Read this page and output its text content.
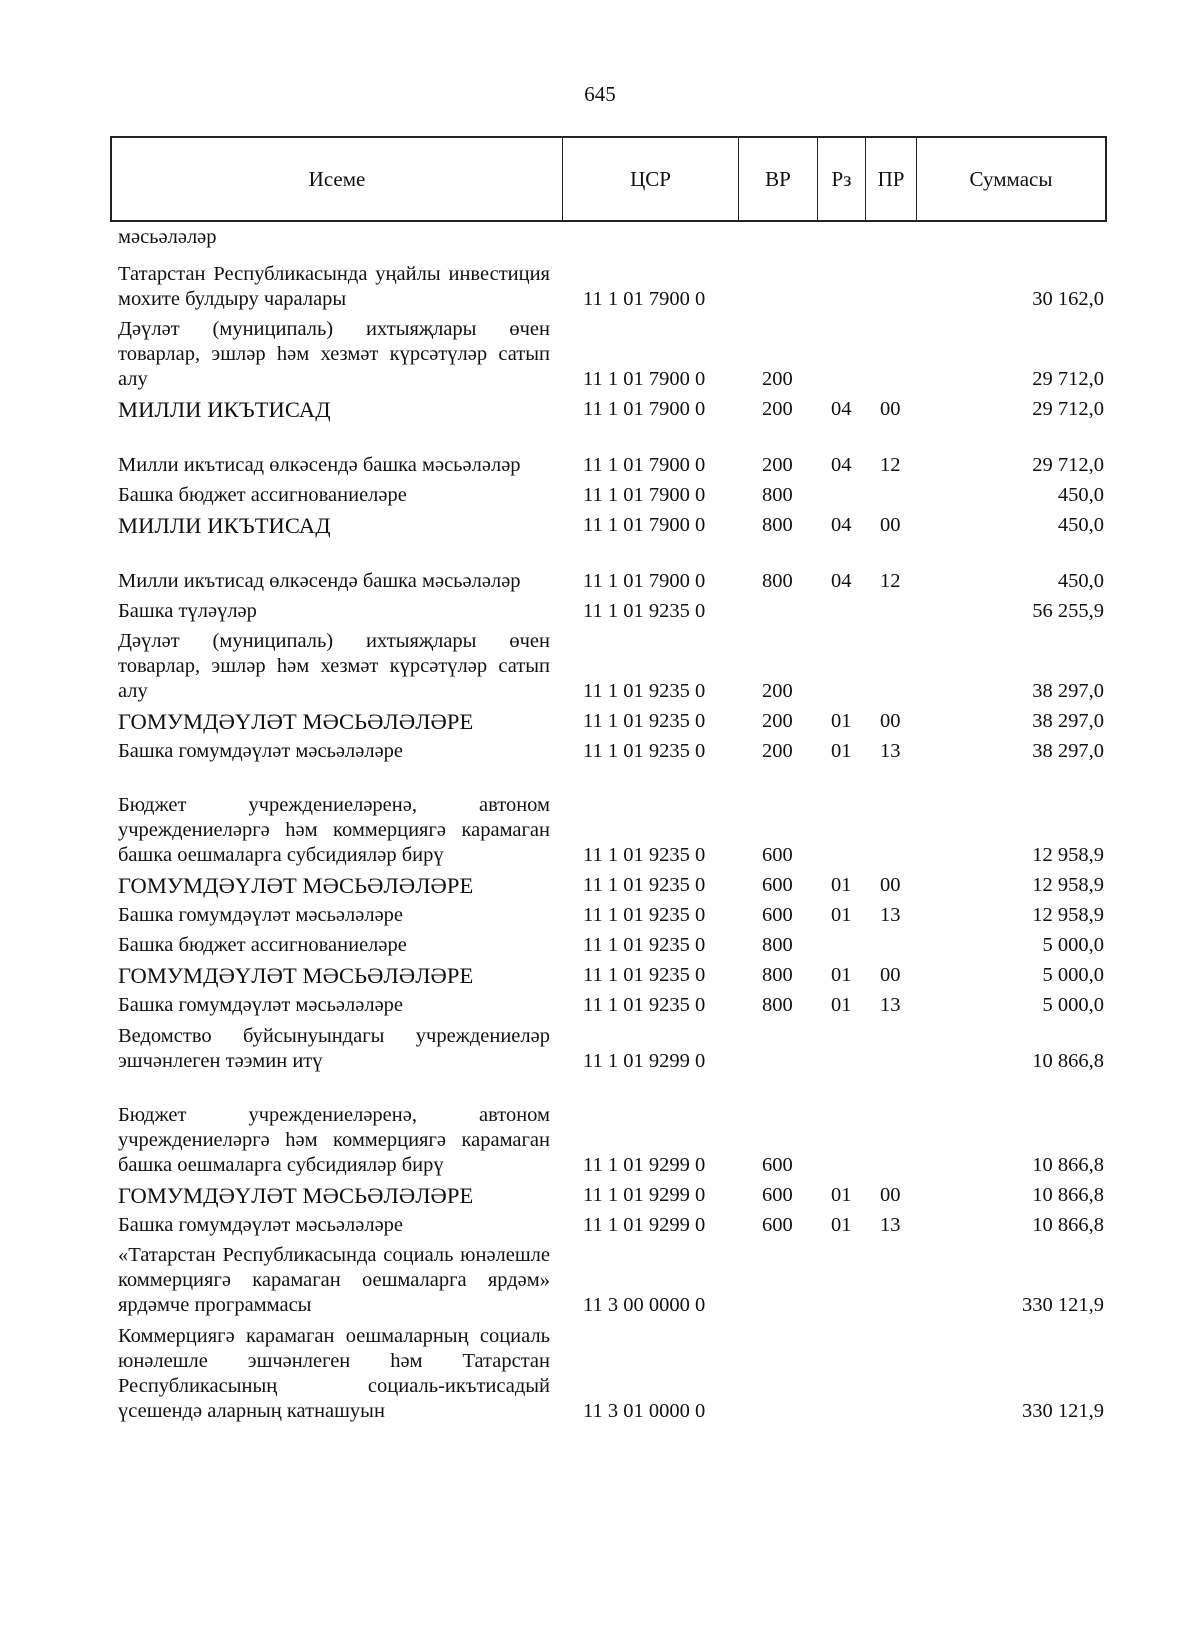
645
Исеме	ЦСР	ВР	Рз	ПР	Суммасы
мәсьәләләр
Татарстан Республикасында уңайлы инвестиция мохите булдыру чаралары	11 1 01 7900 0	30 162,0
Дәүләт (муниципаль) ихтыяҗлары өчен товарлар, эшләр һәм хезмәт күрсәтүләр сатып алу	11 1 01 7900 0	200	29 712,0
МИЛЛИ ИКЪТИСАД	11 1 01 7900 0	200 04 00	29 712,0
Милли икътисад өлкәсендә башка мәсьәләләр	11 1 01 7900 0	200 04 12	29 712,0
Башка бюджет ассигнованиеләре	11 1 01 7900 0	800	450,0
МИЛЛИ ИКЪТИСАД	11 1 01 7900 0	800 04 00	450,0
Милли икътисад өлкәсендә башка мәсьәләләр	11 1 01 7900 0	800 04 12	450,0
Башка түләүләр	11 1 01 9235 0	56 255,9
Дәүләт (муниципаль) ихтыяҗлары өчен товарлар, эшләр һәм хезмәт күрсәтүләр сатып алу	11 1 01 9235 0	200	38 297,0
ГОМУМДӘҮЛӘТ МӘСЬӘЛӘЛӘРЕ	11 1 01 9235 0	200 01 00	38 297,0
Башка гомумдәүләт мәсьәләләре	11 1 01 9235 0	200 01 13	38 297,0
Бюджет учреждениеләренә, автоном учреждениеләргә һәм коммерциягә карамаган башка оешмаларга субсидияләр бирү	11 1 01 9235 0	600	12 958,9
ГОМУМДӘҮЛӘТ МӘСЬӘЛӘЛӘРЕ	11 1 01 9235 0	600 01 00	12 958,9
Башка гомумдәүләт мәсьәләләре	11 1 01 9235 0	600 01 13	12 958,9
Башка бюджет ассигнованиеләре	11 1 01 9235 0	800	5 000,0
ГОМУМДӘҮЛӘТ МӘСЬӘЛӘЛӘРЕ	11 1 01 9235 0	800 01 00	5 000,0
Башка гомумдәүләт мәсьәләләре	11 1 01 9235 0	800 01 13	5 000,0
Ведомство буйсынуындагы учреждениеләр эшчәнлеген тәэмин итү	11 1 01 9299 0	10 866,8
Бюджет учреждениеләренә, автоном учреждениеләргә һәм коммерциягә карамаган башка оешмаларга субсидияләр бирү	11 1 01 9299 0	600	10 866,8
ГОМУМДӘҮЛӘТ МӘСЬӘЛӘЛӘРЕ	11 1 01 9299 0	600 01 00	10 866,8
Башка гомумдәүләт мәсьәләләре	11 1 01 9299 0	600 01 13	10 866,8
«Татарстан Республикасында социаль юнәлешле коммерциягә карамаган оешмаларга ярдәм» ярдәмче программасы	11 3 00 0000 0	330 121,9
Коммерциягә карамаган оешмаларның социаль юнәлешле эшчәнлеген һәм Татарстан Республикасының социаль-икътисадый үсешендә аларның катнашуын	11 3 01 0000 0	330 121,9
